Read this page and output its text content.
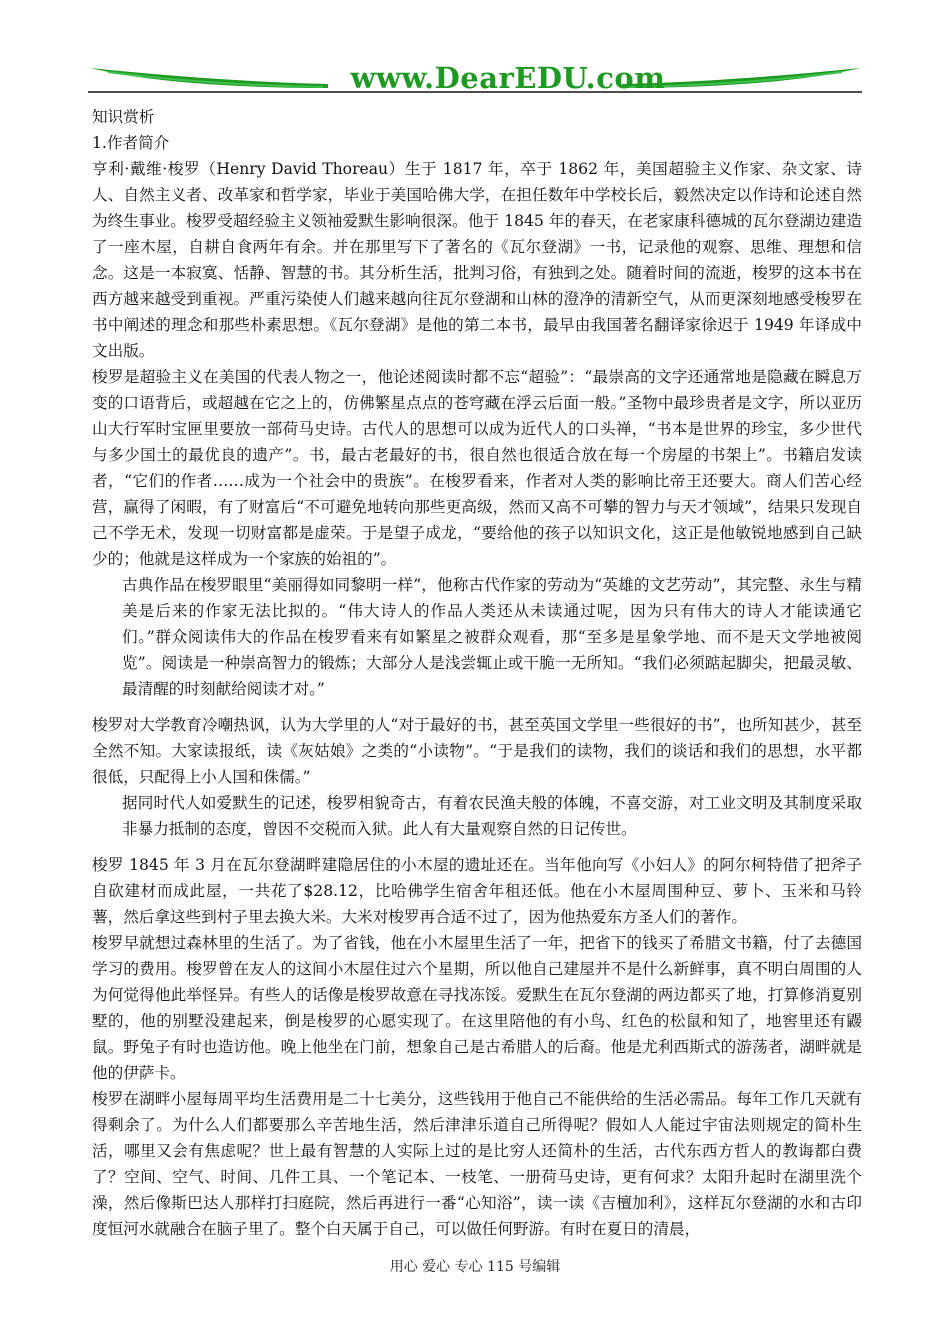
www.DearEDU.com

知识赏析

1.作者简介

亨利·戴维·梭罗（Henry David Thoreau）生于 1817 年，卒于 1862 年，美国超验主义作家、杂文家、诗人、自然主义者、改革家和哲学家，毕业于美国哈佛大学，在担任数年中学校长后，毅然决定以作诗和论述自然为终生事业。梭罗受超经验主义领袖爱默生影响很深。他于 1845 年的春天，在老家康科德城的瓦尔登湖边建造了一座木屋，自耕自食两年有余。并在那里写下了著名的《瓦尔登湖》一书，记录他的观察、思维、理想和信念。这是一本寂寞、恬静、智慧的书。其分析生活，批判习俗，有独到之处。随着时间的流逝，梭罗的这本书在西方越来越受到重视。严重污染使人们越来越向往瓦尔登湖和山林的澄净的清新空气，从而更深刻地感受梭罗在书中阐述的理念和那些朴素思想。《瓦尔登湖》是他的第二本书，最早由我国著名翻译家徐迟于 1949 年译成中文出版。

梭罗是超验主义在美国的代表人物之一，他论述阅读时都不忘“超验”：“最崇高的文字还通常地是隐藏在瞬息万变的口语背后，或超越在它之上的，仿佛繁星点点的苍穹藏在浮云后面一般。”圣物中最珍贵者是文字，所以亚历山大行军时宝匣里要放一部荷马史诗。古代人的思想可以成为近代人的口头禅，“书本是世界的珍宝，多少世代与多少国土的最优良的遗产”。书，最古老最好的书，很自然也很适合放在每一个房屋的书架上”。书籍启发读者，“它们的作者……成为一个社会中的贵族”。在梭罗看来，作者对人类的影响比帝王还要大。商人们苦心经营，赢得了闲暇，有了财富后“不可避免地转向那些更高级，然而又高不可攀的智力与天才领域”，结果只发现自己不学无术，发现一切财富都是虚荣。于是望子成龙，“要给他的孩子以知识文化，这正是他敏锐地感到自己缺少的；他就是这样成为一个家族的始祖的”。

古典作品在梭罗眼里“美丽得如同黎明一样”，他称古代作家的劳动为“英雄的文艺劳动”，其完整、永生与精美是后来的作家无法比拟的。“伟大诗人的作品人类还从未读通过呢，因为只有伟大的诗人才能读通它们。”群众阅读伟大的作品在梭罗看来有如繁星之被群众观看，那“至多是星象学地、而不是天文学地被阅览”。阅读是一种崇高智力的锻炼；大部分人是浅尝辄止或干脆一无所知。“我们必须踮起脚尖，把最灵敏、最清醒的时刻献给阅读才对。”

梭罗对大学教育冷嘲热讽，认为大学里的人“对于最好的书，甚至英国文学里一些很好的书”，也所知甚少，甚至全然不知。大家读报纸，读《灰姑娘》之类的“小读物”。“于是我们的读物，我们的谈话和我们的思想，水平都很低，只配得上小人国和侏儒。”

据同时代人如爱默生的记述，梭罗相貌奇古，有着农民渔夫般的体魄，不喜交游，对工业文明及其制度采取非暴力抵制的态度，曾因不交税而入狱。此人有大量观察自然的日记传世。

梭罗 1845 年 3 月在瓦尔登湖畔建隐居住的小木屋的遗址还在。当年他向写《小妇人》的阿尔柯特借了把斧子自砍建材而成此屋，一共花了$28.12，比哈佛学生宿舍年租还低。他在小木屋周围种豆、萝卜、玉米和马铃薯，然后拿这些到村子里去换大米。大米对梭罗再合适不过了，因为他热爱东方圣人们的著作。

梭罗早就想过森林里的生活了。为了省钱，他在小木屋里生活了一年，把省下的钱买了希腊文书籍，付了去德国学习的费用。梭罗曾在友人的这间小木屋住过六个星期，所以他自己建屋并不是什么新鲜事，真不明白周围的人为何觉得他此举怪异。有些人的话像是梭罗故意在寻找冻馁。爱默生在瓦尔登湖的两边都买了地，打算修消夏别墅的，他的别墅没建起来，倒是梭罗的心愿实现了。在这里陪他的有小鸟、红色的松鼠和知了，地窖里还有鼹鼠。野兔子有时也造访他。晚上他坐在门前，想象自己是古希腊人的后裔。他是尤利西斯式的游荡者，湖畔就是他的伊萨卡。

梭罗在湖畔小屋每周平均生活费用是二十七美分，这些钱用于他自己不能供给的生活必需品。每年工作几天就有得剩余了。为什么人们都要那么辛苦地生活，然后津津乐道自己所得呢？假如人人能过宇宙法则规定的简朴生活，哪里又会有焦虑呢？世上最有智慧的人实际上过的是比穷人还简朴的生活，古代东西方哲人的教诲都白费了？空间、空气、时间、几件工具、一个笔记本、一枝笔、一册荷马史诗，更有何求？太阳升起时在湖里洗个澡，然后像斯巴达人那样打扫庭院，然后再进行一番“心知浴”，读一读《吉檀加利》，这样瓦尔登湖的水和古印度恒河水就融合在脑子里了。整个白天属于自己，可以做任何野游。有时在夏日的清晨，

用心 爱心 专心 115 号编辑
